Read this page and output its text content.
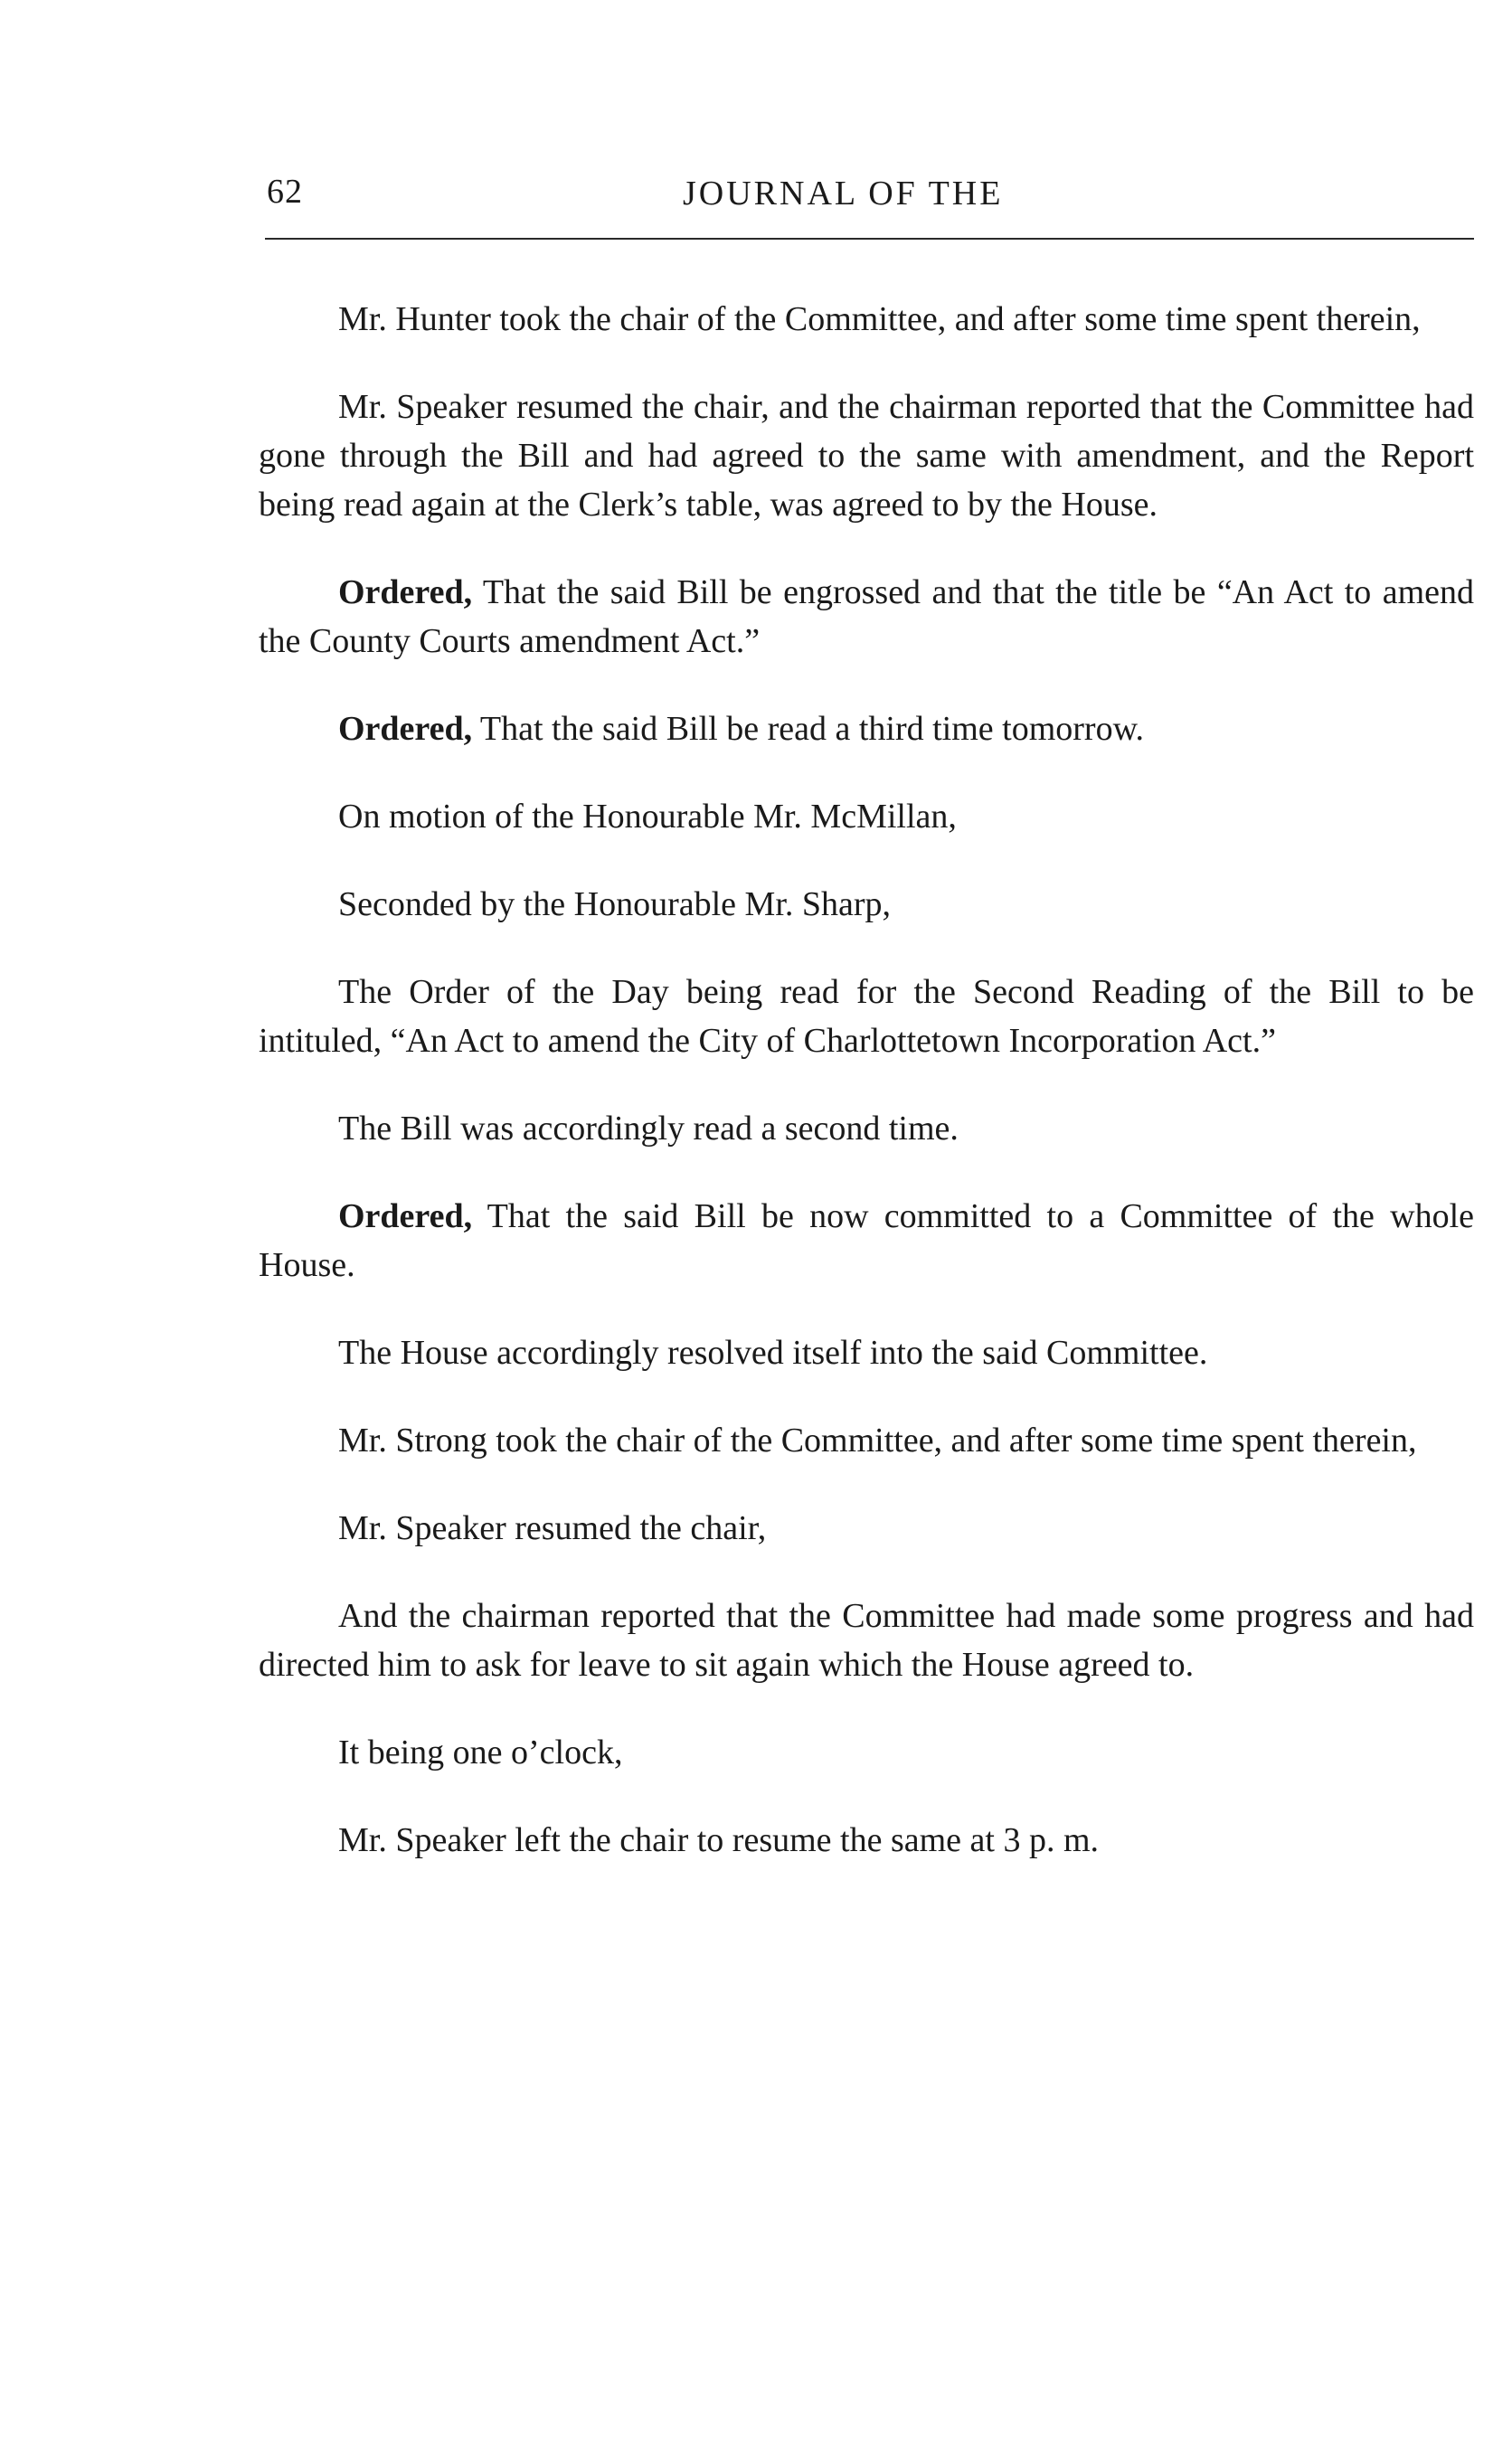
62	JOURNAL OF THE

Mr. Hunter took the chair of the Committee, and after some time spent therein,

Mr. Speaker resumed the chair, and the chairman reported that the Committee had gone through the Bill and had agreed to the same with amendment, and the Report being read again at the Clerk’s table, was agreed to by the House.

Ordered, That the said Bill be engrossed and that the title be “An Act to amend the County Courts amendment Act.”

Ordered, That the said Bill be read a third time tomorrow.

On motion of the Honourable Mr. McMillan,

Seconded by the Honourable Mr. Sharp,

The Order of the Day being read for the Second Reading of the Bill to be intituled, “An Act to amend the City of Charlottetown Incorporation Act.”

The Bill was accordingly read a second time.

Ordered, That the said Bill be now committed to a Committee of the whole House.

The House accordingly resolved itself into the said Committee.

Mr. Strong took the chair of the Committee, and after some time spent therein,

Mr. Speaker resumed the chair,

And the chairman reported that the Committee had made some progress and had directed him to ask for leave to sit again which the House agreed to.

It being one o’clock,

Mr. Speaker left the chair to resume the same at 3 p. m.
